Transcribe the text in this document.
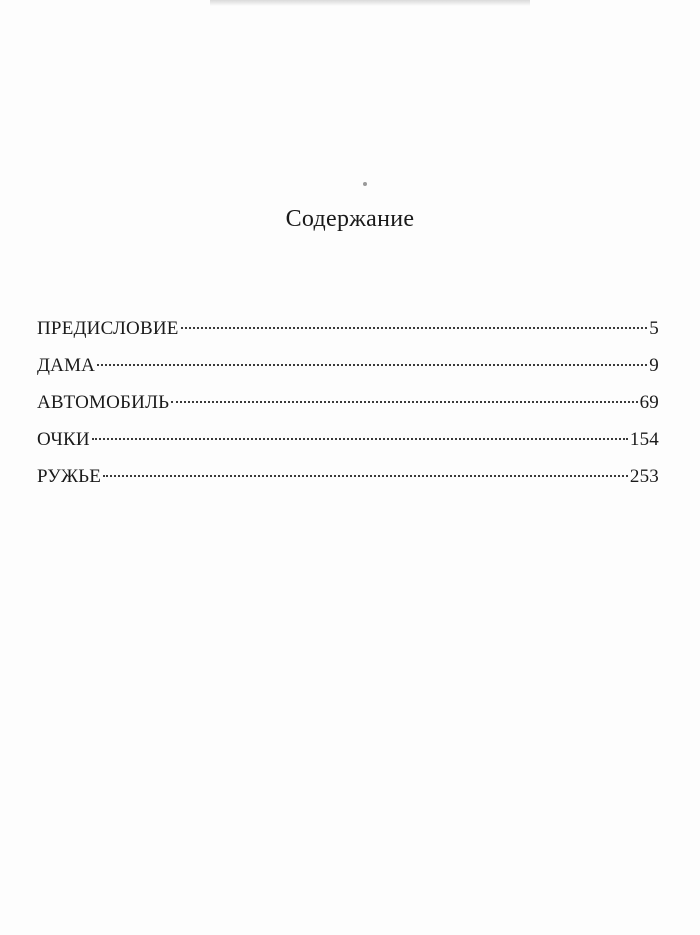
Содержание
ПРЕДИСЛОВИЕ	5
ДАМА	9
АВТОМОБИЛЬ	69
ОЧКИ	154
РУЖЬЕ	253
